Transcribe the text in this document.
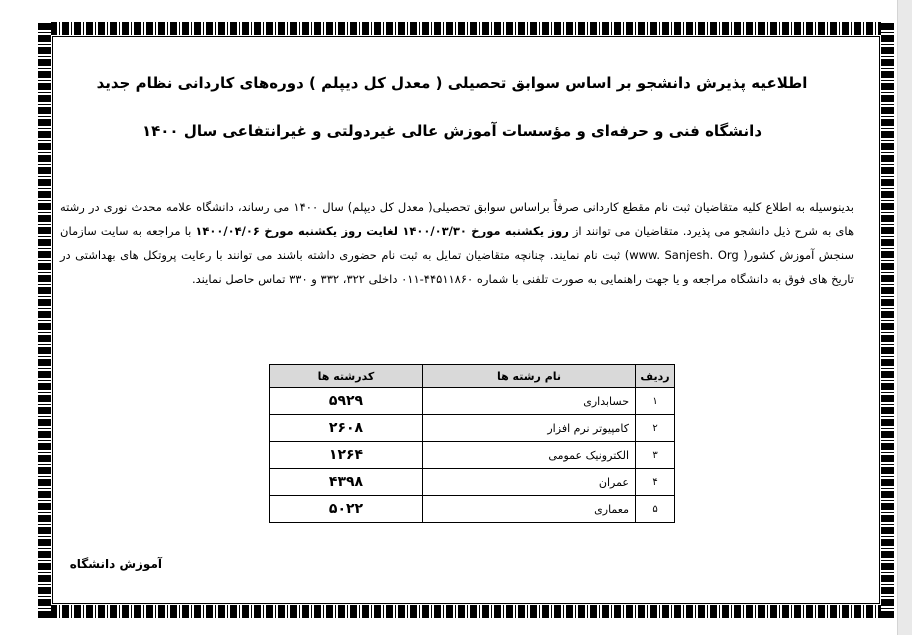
اطلاعیه پذیرش دانشجو بر اساس سوابق تحصیلی ( معدل کل دیپلم ) دوره‌های کاردانی نظام جدید
دانشگاه فنی و حرفه‌ای و مؤسسات آموزش عالی غیردولتی و غیرانتفاعی سال ۱۴۰۰

بدینوسیله به اطلاع کلیه متقاضیان ثبت نام مقطع کاردانی صرفاً براساس سوابق تحصیلی( معدل کل دیپلم) سال ۱۴۰۰ می رساند، دانشگاه علامه محدث نوری در رشته های به شرح ذیل دانشجو می پذیرد. متقاضیان می توانند از روز یکشنبه مورخ ۱۴۰۰/۰۳/۳۰ لغایت روز یکشنبه مورخ ۱۴۰۰/۰۴/۰۶ با مراجعه به سایت سازمان سنجش آموزش کشور( www. Sanjesh. Org) ثبت نام نمایند. چنانچه متقاضیان تمایل به ثبت نام حضوری داشته باشند می توانند با رعایت پروتکل های بهداشتی در تاریخ های فوق به دانشگاه مراجعه و یا جهت راهنمایی به صورت تلفنی با شماره ۴۴۵۱۱۸۶۰-۰۱۱ داخلی ۳۲۲، ۳۳۲ و ۳۳۰ تماس حاصل نمایند.

ردیف	نام رشته ها	کدرشته ها
۱	حسابداری	۵۹۲۹
۲	کامپیوتر نرم افزار	۲۶۰۸
۳	الکترونیک عمومی	۱۲۶۴
۴	عمران	۴۳۹۸
۵	معماری	۵۰۲۲
آموزش دانشگاه
